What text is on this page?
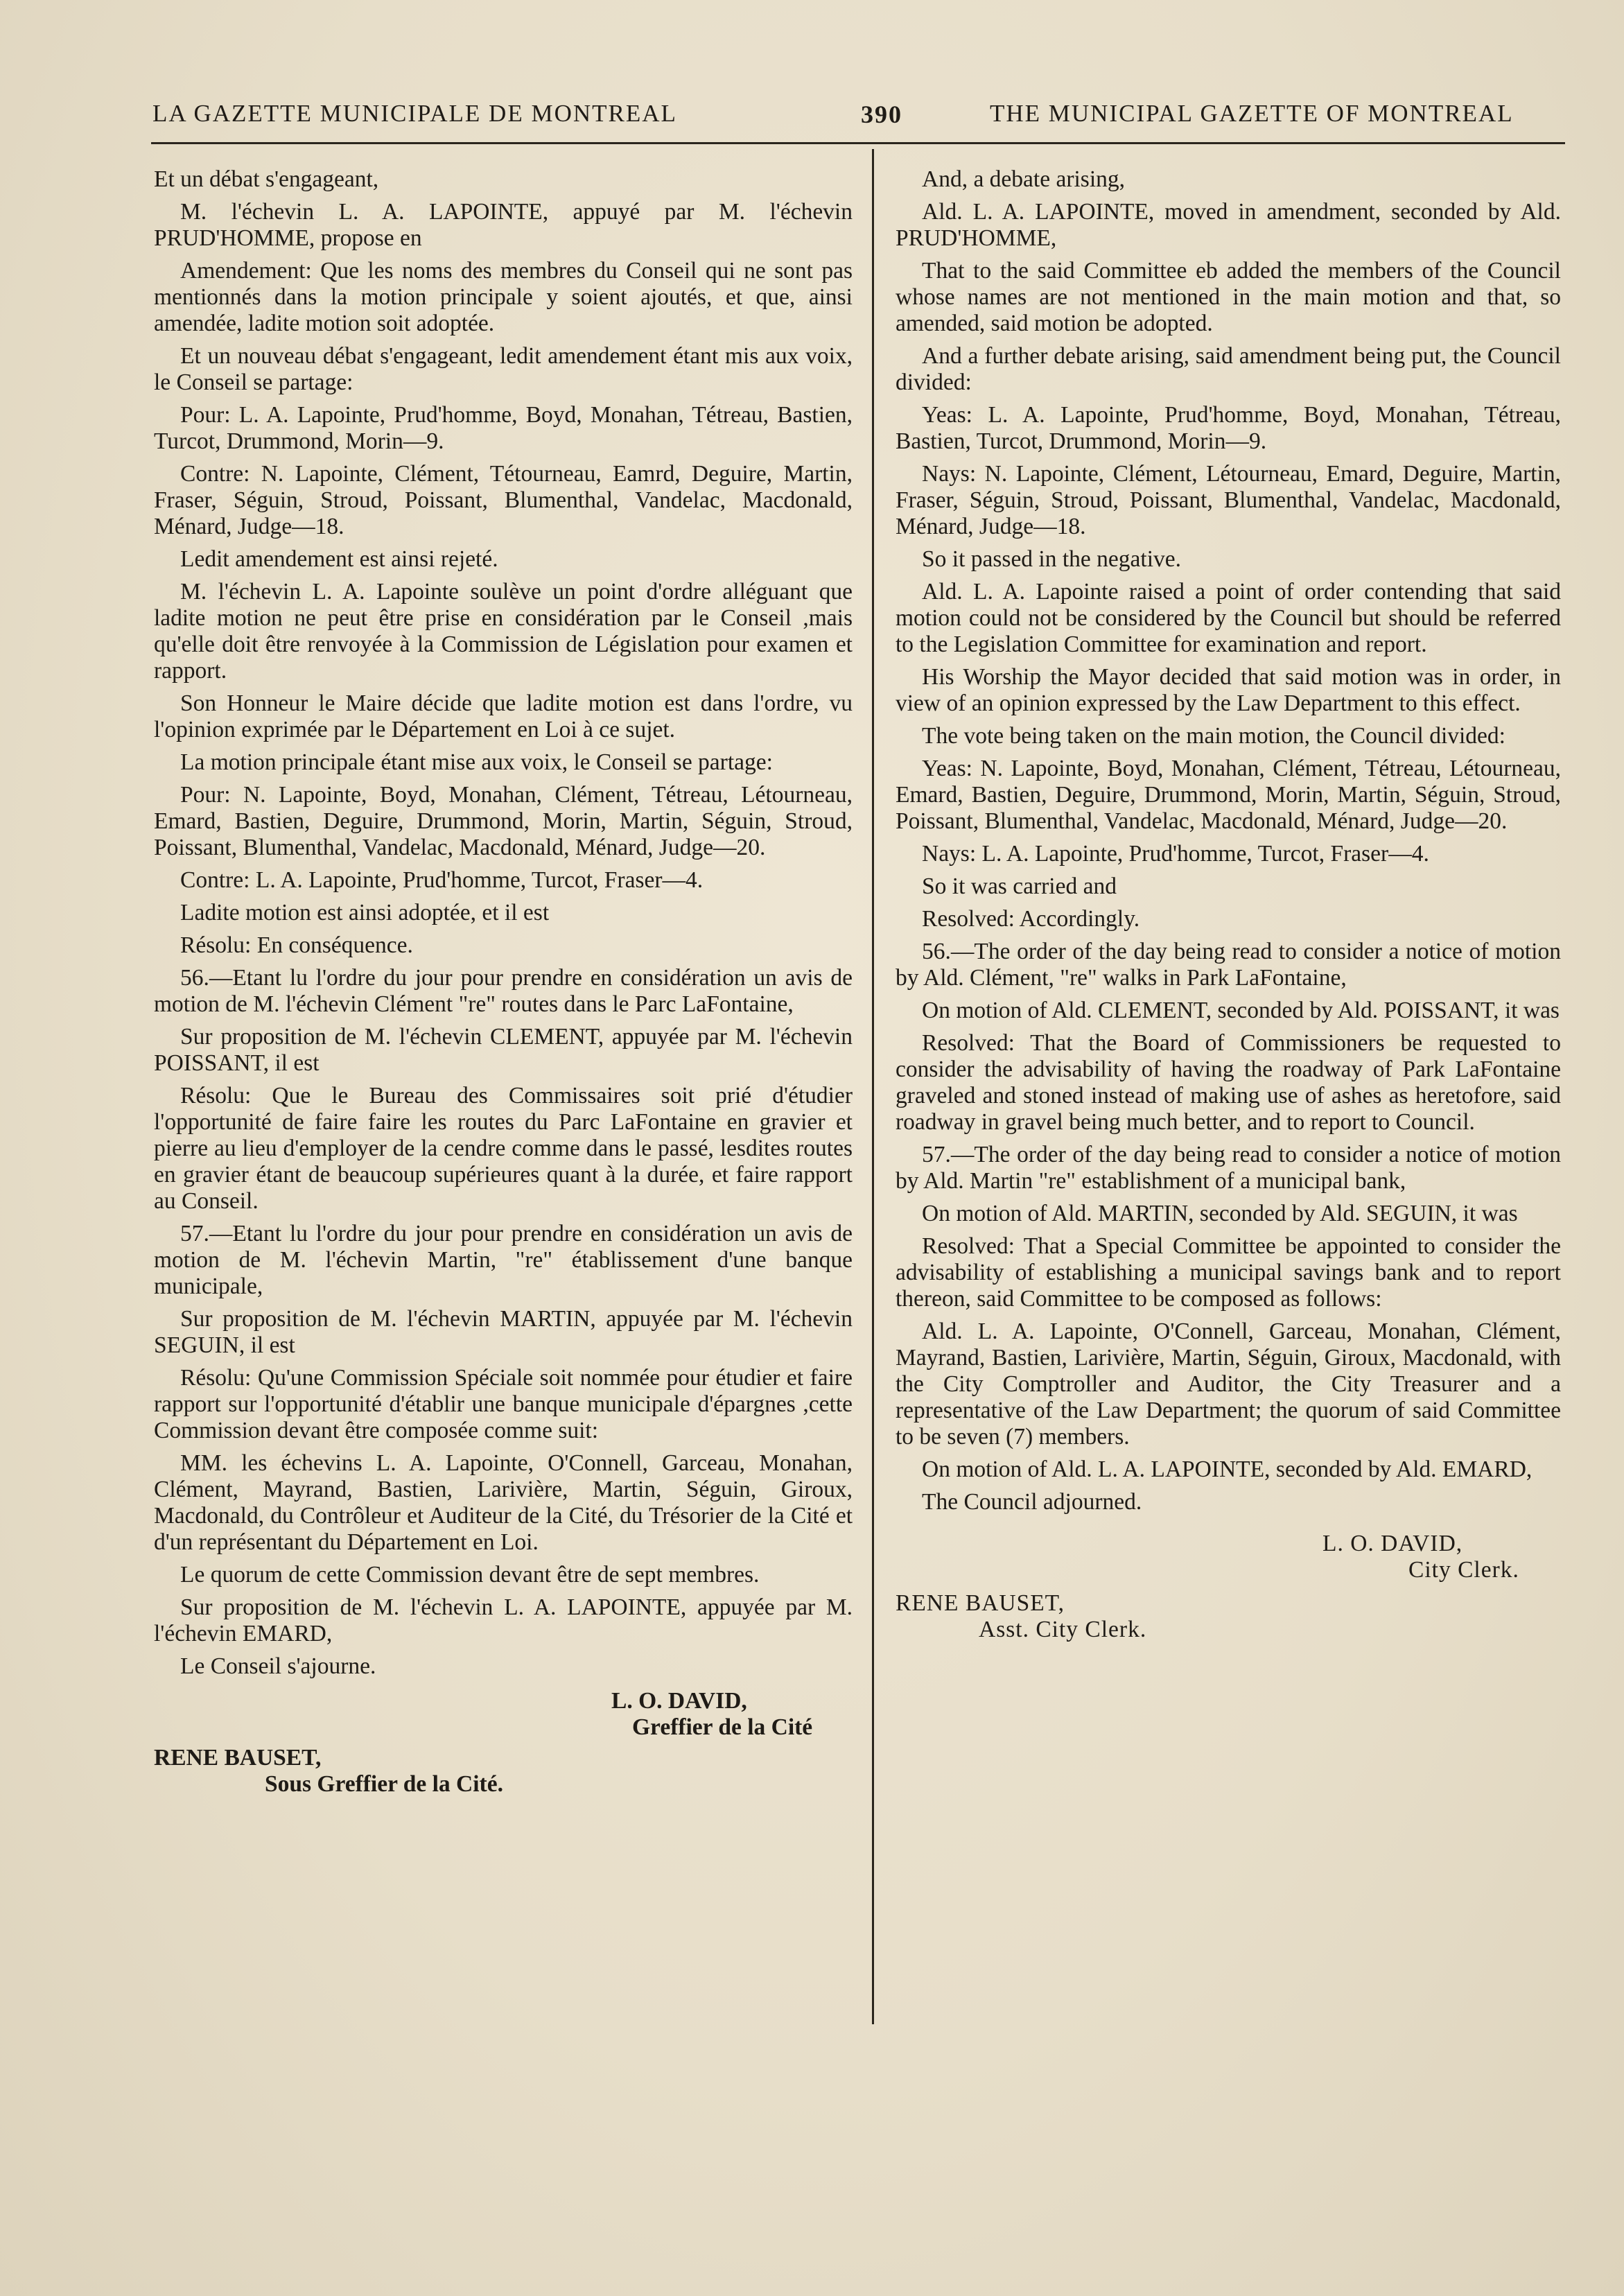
LA GAZETTE MUNICIPALE DE MONTREAL	390	THE MUNICIPAL GAZETTE OF MONTREAL

Et un débat s'engageant,

M. l'échevin L. A. LAPOINTE, appuyé par M. l'échevin PRUD'HOMME, propose en

Amendement: Que les noms des membres du Conseil qui ne sont pas mentionnés dans la motion principale y soient ajoutés, et que, ainsi amendée, ladite motion soit adoptée.

Et un nouveau débat s'engageant, ledit amendement étant mis aux voix, le Conseil se partage:

Pour: L. A. Lapointe, Prud'homme, Boyd, Monahan, Tétreau, Bastien, Turcot, Drummond, Morin—9.

Contre: N. Lapointe, Clément, Tétourneau, Eamrd, Deguire, Martin, Fraser, Séguin, Stroud, Poissant, Blumenthal, Vandelac, Macdonald, Ménard, Judge—18.

Ledit amendement est ainsi rejeté.

M. l'échevin L. A. Lapointe soulève un point d'ordre alléguant que ladite motion ne peut être prise en considération par le Conseil ,mais qu'elle doit être renvoyée à la Commission de Législation pour examen et rapport.

Son Honneur le Maire décide que ladite motion est dans l'ordre, vu l'opinion exprimée par le Département en Loi à ce sujet.

La motion principale étant mise aux voix, le Conseil se partage:

Pour: N. Lapointe, Boyd, Monahan, Clément, Tétreau, Létourneau, Emard, Bastien, Deguire, Drummond, Morin, Martin, Séguin, Stroud, Poissant, Blumenthal, Vandelac, Macdonald, Ménard, Judge—20.

Contre: L. A. Lapointe, Prud'homme, Turcot, Fraser—4.

Ladite motion est ainsi adoptée, et il est

Résolu: En conséquence.

56.—Etant lu l'ordre du jour pour prendre en considération un avis de motion de M. l'échevin Clément "re" routes dans le Parc LaFontaine,

Sur proposition de M. l'échevin CLEMENT, appuyée par M. l'échevin POISSANT, il est

Résolu: Que le Bureau des Commissaires soit prié d'étudier l'opportunité de faire faire les routes du Parc LaFontaine en gravier et pierre au lieu d'employer de la cendre comme dans le passé, lesdites routes en gravier étant de beaucoup supérieures quant à la durée, et faire rapport au Conseil.

57.—Etant lu l'ordre du jour pour prendre en considération un avis de motion de M. l'échevin Martin, "re" établissement d'une banque municipale,

Sur proposition de M. l'échevin MARTIN, appuyée par M. l'échevin SEGUIN, il est

Résolu: Qu'une Commission Spéciale soit nommée pour étudier et faire rapport sur l'opportunité d'établir une banque municipale d'épargnes ,cette Commission devant être composée comme suit:

MM. les échevins L. A. Lapointe, O'Connell, Garceau, Monahan, Clément, Mayrand, Bastien, Larivière, Martin, Séguin, Giroux, Macdonald, du Contrôleur et Auditeur de la Cité, du Trésorier de la Cité et d'un représentant du Département en Loi.

Le quorum de cette Commission devant être de sept membres.

Sur proposition de M. l'échevin L. A. LAPOINTE, appuyée par M. l'échevin EMARD,

Le Conseil s'ajourne.

L. O. DAVID,
Greffier de la Cité
RENE BAUSET,
Sous Greffier de la Cité.

And, a debate arising,

Ald. L. A. LAPOINTE, moved in amendment, seconded by Ald. PRUD'HOMME,

That to the said Committee eb added the members of the Council whose names are not mentioned in the main motion and that, so amended, said motion be adopted.

And a further debate arising, said amendment being put, the Council divided:

Yeas: L. A. Lapointe, Prud'homme, Boyd, Monahan, Tétreau, Bastien, Turcot, Drummond, Morin—9.

Nays: N. Lapointe, Clément, Létourneau, Emard, Deguire, Martin, Fraser, Séguin, Stroud, Poissant, Blumenthal, Vandelac, Macdonald, Ménard, Judge—18.

So it passed in the negative.

Ald. L. A. Lapointe raised a point of order contending that said motion could not be considered by the Council but should be referred to the Legislation Committee for examination and report.

His Worship the Mayor decided that said motion was in order, in view of an opinion expressed by the Law Department to this effect.

The vote being taken on the main motion, the Council divided:

Yeas: N. Lapointe, Boyd, Monahan, Clément, Tétreau, Létourneau, Emard, Bastien, Deguire, Drummond, Morin, Martin, Séguin, Stroud, Poissant, Blumenthal, Vandelac, Macdonald, Ménard, Judge—20.

Nays: L. A. Lapointe, Prud'homme, Turcot, Fraser—4.

So it was carried and

Resolved: Accordingly.

56.—The order of the day being read to consider a notice of motion by Ald. Clément, "re" walks in Park LaFontaine,

On motion of Ald. CLEMENT, seconded by Ald. POISSANT, it was

Resolved: That the Board of Commissioners be requested to consider the advisability of having the roadway of Park LaFontaine graveled and stoned instead of making use of ashes as heretofore, said roadway in gravel being much better, and to report to Council.

57.—The order of the day being read to consider a notice of motion by Ald. Martin "re" establishment of a municipal bank,

On motion of Ald. MARTIN, seconded by Ald. SEGUIN, it was

Resolved: That a Special Committee be appointed to consider the advisability of establishing a municipal savings bank and to report thereon, said Committee to be composed as follows:

Ald. L. A. Lapointe, O'Connell, Garceau, Monahan, Clément, Mayrand, Bastien, Larivière, Martin, Séguin, Giroux, Macdonald, with the City Comptroller and Auditor, the City Treasurer and a representative of the Law Department; the quorum of said Committee to be seven (7) members.

On motion of Ald. L. A. LAPOINTE, seconded by Ald. EMARD,

The Council adjourned.

L. O. DAVID,
City Clerk.
RENE BAUSET,
Asst. City Clerk.
